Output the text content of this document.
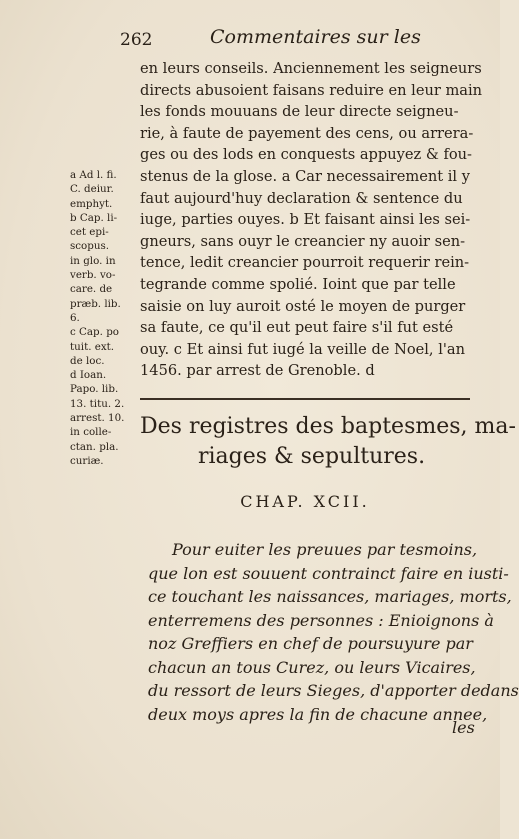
262	Commentaires sur les
en leurs conseils. Anciennement les seigneurs
directs abusoient faisans reduire en leur main
les fonds mouuans de leur directe seigneu-
rie, à faute de payement des cens, ou arrera-
ges ou des lods en conquests appuyez & fou-
stenus de la glose. a Car necessairement il y
faut aujourd'huy declaration & sentence du
iuge, parties ouyes. b Et faisant ainsi les sei-
gneurs, sans ouyr le creancier ny auoir sen-
tence, ledit creancier pourroit requerir rein-
tegrande comme spolié. Ioint que par telle
saisie on luy auroit osté le moyen de purger
sa faute, ce qu'il eut peut faire s'il fut esté
ouy. c Et ainsi fut iugé la veille de Noel, l'an
1456. par arrest de Grenoble. d
a Ad l. fi.
C. deiur.
emphyt.
b Cap. li-
cet epi-
scopus.
in glo. in
verb. vo-
care. de
præb. lib.
6.
c Cap. po
tuit. ext.
de loc.
d Ioan.
Papo. lib.
13. titu. 2.
arrest. 10.
in colle-
ctan. pla.
curiæ.
Des registres des baptesmes, ma-
riages & sepultures.
CHAP. XCII.
Pour euiter les preuues par tesmoins,
que lon est souuent contrainct faire en iusti-
ce touchant les naissances, mariages, morts,
enterremens des personnes : Enioignons à
noz Greffiers en chef de poursuyure par
chacun an tous Curez, ou leurs Vicaires,
du ressort de leurs Sieges, d'apporter dedans
deux moys apres la fin de chacune annee,
les
